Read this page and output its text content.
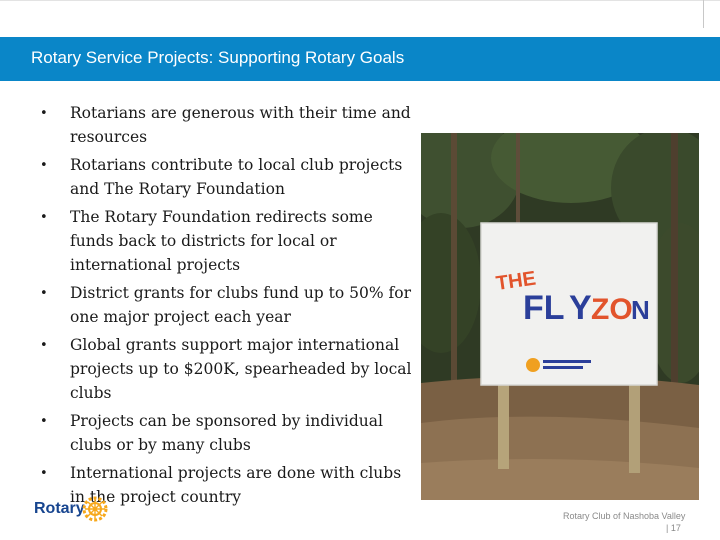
Rotary Service Projects: Supporting Rotary Goals
•	Rotarians are generous with their time and resources
•	Rotarians contribute to local club projects and The Rotary Foundation
•	The Rotary Foundation redirects some funds back to districts for local or international projects
•	District grants for clubs fund up to 50% for one major project each year
•	Global grants support major international projects up to $200K, spearheaded by local clubs
•	Projects can be sponsored by individual clubs or by many clubs
•	International projects are done with clubs in the project country
THE
FL Y ZO
N
Rotary	Rotary Club of Nashoba Valley
| 17
